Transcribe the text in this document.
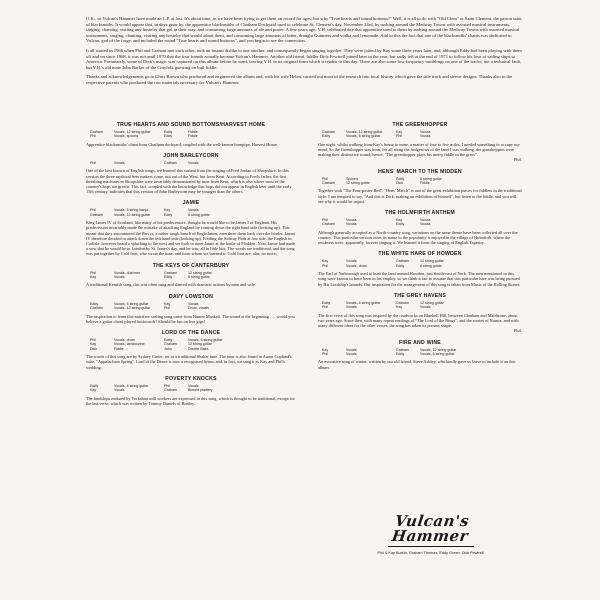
O.K., so Vulcan's Hammer have made an L.P. at last. It's about time, as we have been trying to get them on record for ages; but why "True hearts and sound bottoms?" Well, it is all to do with "Old Clem" or Saint Clement, the patron saint of blacksmiths. It would appear that, in days gone by, the apprentice blacksmiths of Chatham Dockyard used to celebrate St. Clement's day, November 23rd, by rushing around the Medway Towns with assorted musical instruments, singing, chanting, visiting any hostelry that got in their way, and consuming large amounts of ale and porter. A few years ago, V.H. celebrated day that apprentice used to them by rushing around the Medway Towns with assorted musical instruments, singing, chanting, visiting any hostelry that would admit them, and consuming large amounts of bitter, draught Guinness and vodka and lemonade. Add to this the fact that one of the blacksmiths' chants was dedicated to Vulcan, god of the forge, and included the round "True hearts and sound bottoms", and you begin to see the connection.

It all started in 1966 when Phil and Graham met each other, took an instant dislike to one another, and consequently began singing together. They were joined by Kay some three years later, and, although Eddy had been playing with them off and on since 1968, it was not until 1970 that the four friends actually became Vulcan's Hammer. Another old friend, fiddler Dick Fewtrell joined later in the year, but sadly left at the end of 1971 to follow his love of sailing ships to America. Fortunately, some of Dick's magic was captured on this album before he went, leaving V.H. in its original form which it retains to this day. There are also some low-frequency rumblings on one of the tracks, not a technical fault, but V.H.'s old mate John Barker of the Crayfolk guesting on bull fiddle.

Thanks and acknowledgements go to Chris Brown who produced and engineered the album and, with his wife Helen, carried out most of the research into local history which gave the title track and sleeve designs. Thanks also to the respective parents who produced the raw materials necessary for Vulcan's Hammer.

TRUE HEARTS AND SOUND BOTTOMS/HARVEST HOME
Graham	Vocals, 12 string guitar	Eddy	Fiddle
Phil	Vocals, spoons	Eddy	Fiddle

Apprentice blacksmiths' chant from Chatham dockyard, coupled with the well-known hornpipe, Harvest Home.

JOHN BARLEYCORN
Phil	Vocals	Graham	Vocals

One of the best known of English songs, we learned this variant from the singing of Fred Jordan of Shropshire. In this version the three mythical beer makers come, not out of the West, but from Kent. According to Fred's father, the first threshing machines in Shropshire were invariably demonstrated by men from Kent, which is also where most of the country's hops are grown. This fact, coupled with the knowledge that hops did not appear in English beer until the early 15th century, indicates that this version of John Barleycorn may be younger than the others.

JAMIE
Phil	Vocals, 6 string banjo	Kay	Vocals
Graham	Vocals, 12 string guitar	Eddy	6 string guitar

King James IV of Scotland, like many of his predecessors, thought he would like to be James I of England. His predecessors invariably made the mistake of attacking England by coming down the right hand side (looking up). This meant that they encountered the Percys, a rather tough bunch of Englishmen, men three them back over the border. James IV therefore decided to attack down the left hand side (looking up). Fording the Solway Firth at low tide, the English in Carlisle, however heard a splashing to the west and set forth to meet Jamie at the battle of Flodden. Now, Jamie had made a vow that he would be in London by St. James's day, and he was; all in little bits. The words are traditional, and the song was put together by Cold Iron, who wrote the tune, and from whom we learned it. Cold Iron are, alas, no more.

THE KEYS OF CANTERBURY
Phil	Vocals, dulcimer	Graham	12 string guitar
Kay	Vocals	Eddy	6 string guitar

A traditional Kentish song, this was often sung and danced with dramatic actions by man and wife.

DAVY LOWSTON
Eddy	Vocals, 6 string guitar	Kay	Vocals
Graham	Vocals, 12 string guitar	Phil	Drum, vocals

The inspiration to learn this narrative sealing song came from Hunter Muskett. The sound at the beginning . . . would you believe a guitar chord played backwards? Should be fun on live gigs!

LORD OF THE DANCE
Phil	Vocals, drum	Eddy	Vocals, 6 string guitar
Kay	Vocals, tambourine	Graham	12 string guitar
Dick	Fiddle	John	Double Bass

The words of this song are by Sydney Carter, set to a traditional Shaker tune. The tune is also found in Aaron Copland's suite, "Appalachian Spring". Lord of the Dance is now a recognised hymn, and, in fact, we sang it as Kay and Phil's wedding.

POVERTY KNOCKS
Eddy	Vocals, 6 string guitar	Phil	Vocals
Kay	Vocals	Graham	Bowed psaltery

The hardships endured by Yorkshire mill workers are expressed in this song, which is thought to be traditional, except for the last verse, which was written by Tommy Daniels of Bratley.

THE GREENHOPPER
Graham	Vocals, 12 string guitar	Kay	Vocals
Eddy	Vocals, 6 string guitar	Phil	Vocals

One night, whilst walking from Kay's house to mine, a matter of four to five miles, I needed something to occupy my mind. So the Greenhopper was born, for all along the hedgerows of the land I was walking, the grasshoppers were making their distinctive sound; hence, "The greenhopper plays his merry fiddle in the grass".

Phil.

HENS' MARCH TO THE MIDDEN
Phil	Spoons	Eddy	6 string guitar
Graham	12 string guitar	Dick	Fiddle

Together with "The Four-poster Bed", "Hens' March" is one of the great exhibition pieces for fiddlers in the traditional style. I am tempted to say, "And this is Dick, making an exhibition of himself", but listen to the fiddle, and you will see why it would be unjust.

THE HOLMFIRTH ANTHEM
Phil	Vocals	Kay	Vocals
Graham	Vocals	Eddy	Vocals

Although generally accepted as a North-country song, variations on the same theme have been collected all over the country. This particular version owes its name to the popularity it enjoyed in the village of Holmfirth, where the renderers were, apparently, forever singing it. We learned it from the singing of English Tapestry.

THE WHITE HARE OF HOWDEN
Kay	Vocals	Graham	12 string guitar
Phil	Vocals, drum	Eddy	6 string guitar

The Earl of Yarborough used to hunt the land around Howden, just South-east of York. The men mentioned in this song were known to have been in his employ, so we think it fair to assume that this particular hare was being pursued by His Lordship's hounds. Our inspiration for the arrangement of this song is taken from Music of the Rolling Stones.

THE GREY HAVENS
Eddy	Vocals, 6 string guitar	Graham	12 string guitar
Phil	Vocals	Kay	Vocals

The first verse of this song was inspired by the roadworks on Bluebell Hill, between Chatham and Maidstone, about two years ago. Since then, with many repeat readings of "The Lord of the Rings", and the stories of Narnia, and with many different ideas for the other verses, the song has taken its present shape.

Phil.

FIRE AND WINE
Kay	Vocals	Graham	Vocals, 12 string guitar
Phil	Vocals	Eddy	Vocals, 6 string guitar

An evocative song of winter, written by our old friend, Steve Ashley, who kindly gave us leave to include it on this album.

Vulcan's
Hammer
Phil & Kay Burkin, Graham Thomas, Eddy Green, Dick Fewtrell.
